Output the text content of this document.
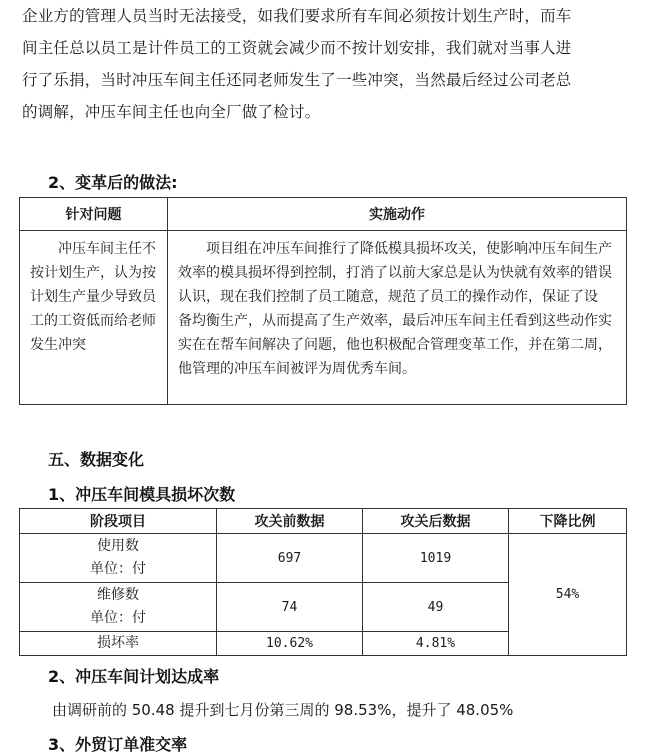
企业方的管理人员当时无法接受，如我们要求所有车间必须按计划生产时，而车
间主任总以员工是计件员工的工资就会减少而不按计划安排，我们就对当事人进
行了乐捐，当时冲压车间主任还同老师发生了一些冲突，当然最后经过公司老总
的调解，冲压车间主任也向全厂做了检讨。
2、变革后的做法:
针对问题	实施动作

冲压车间主任不按计划生产，认为按计划生产量少导致员工的工资低而给老师发生冲突	项目组在冲压车间推行了降低模具损坏攻关，使影响冲压车间生产效率的模具损坏得到控制，打消了以前大家总是认为快就有效率的错误认识，现在我们控制了员工随意，规范了员工的操作动作，保证了设
备均衡生产，从而提高了生产效率，最后冲压车间主任看到这些动作实实在在帮车间解决了问题，他也积极配合管理变革工作，并在第二周，他管理的冲压车间被评为周优秀车间。
五、数据变化
1、冲压车间模具损坏次数
阶段项目	攻关前数据	攻关后数据	下降比例

使用数
单位：付	697	1019	54%

维修数
单位：付	74	49	

损坏率	10.62%	4.81%	
2、冲压车间计划达成率
由调研前的 50.48 提升到七月份第三周的 98.53%，提升了 48.05%
3、外贸订单准交率
